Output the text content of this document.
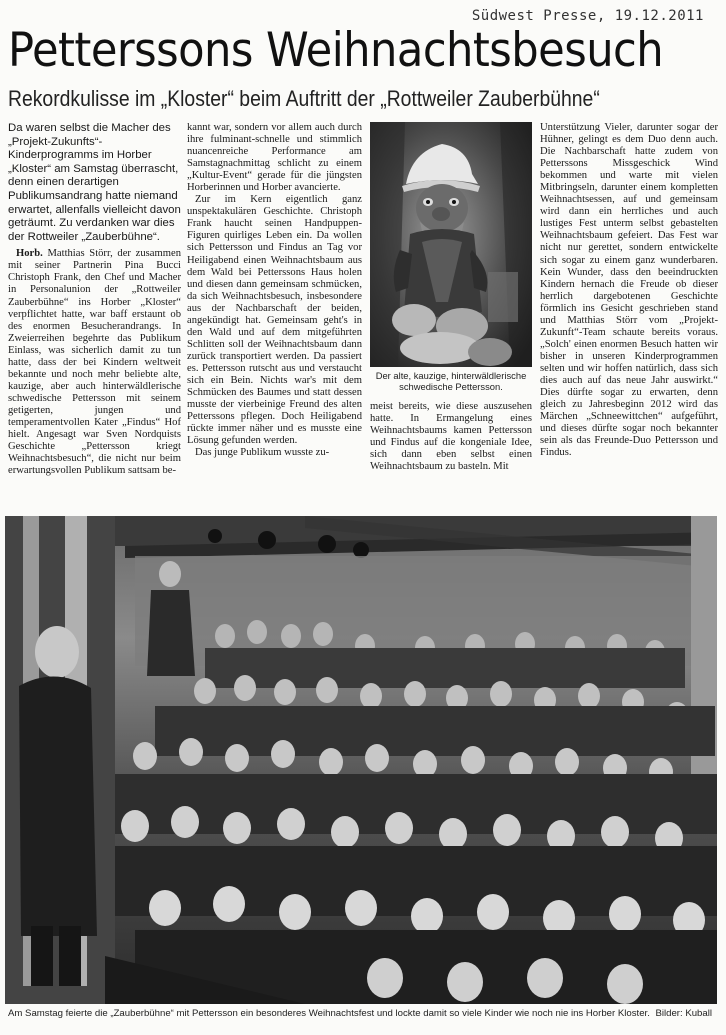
Südwest Presse, 19.12.2011
Petterssons Weihnachtsbesuch
Rekordkulisse im „Kloster“ beim Auftritt der „Rottweiler Zauberbühne“

Da waren selbst die Macher des „Projekt-Zukunfts“- Kinderprogramms im Horber „Kloster“ am Samstag überrascht, denn einen derartigen Publikumsandrang hatte niemand erwartet, allenfalls vielleicht davon geträumt. Zu verdanken war dies der Rottweiler „Zauberbühne“.

Horb. Matthias Störr, der zusammen mit seiner Partnerin Pina Bucci Christoph Frank, den Chef und Macher in Personalunion der „Rottweiler Zauberbühne“ ins Horber „Kloster“ verpflichtet hatte, war baff erstaunt ob des enormen Besucherandrangs. In Zweierreihen begehrte das Publikum Einlass, was sicherlich damit zu tun hatte, dass der bei Kindern weltweit bekannte und noch mehr beliebte alte, kauzige, aber auch hinterwäldlerische schwedische Pettersson mit seinem getigerten, jungen und temperamentvollen Kater „Findus“ Hof hielt. Angesagt war Sven Nordquists Geschichte „Pettersson kriegt Weihnachtsbesuch“, die nicht nur beim erwartungsvollen Publikum sattsam be-

kannt war, sondern vor allem auch durch ihre fulminant-schnelle und stimmlich nuancenreiche Performance am Samstagnachmittag schlicht zu einem „Kultur-Event“ gerade für die jüngsten Horberinnen und Horber avancierte.

Zur im Kern eigentlich ganz unspektakulären Geschichte. Christoph Frank haucht seinen Handpuppen-Figuren quirliges Leben ein. Da wollen sich Pettersson und Findus an Tag vor Heiligabend einen Weihnachtsbaum aus dem Wald bei Petterssons Haus holen und diesen dann gemeinsam schmücken, da sich Weihnachtsbesuch, insbesondere aus der Nachbarschaft der beiden, angekündigt hat. Gemeinsam geht's in den Wald und auf dem mitgeführten Schlitten soll der Weihnachtsbaum dann zurück transportiert werden. Da passiert es. Pettersson rutscht aus und verstaucht sich ein Bein. Nichts war's mit dem Schmücken des Baumes und statt dessen musste der vierbeinige Freund des alten Petterssons pflegen. Doch Heiligabend rückte immer näher und es musste eine Lösung gefunden werden.

Das junge Publikum wusste zu-

Der alte, kauzige, hinterwäldlerische schwedische Pettersson.

meist bereits, wie diese auszusehen hatte. In Ermangelung eines Weihnachtsbaums kamen Pettersson und Findus auf die kongeniale Idee, sich dann eben selbst einen Weihnachtsbaum zu basteln. Mit

Unterstützung Vieler, darunter sogar der Hühner, gelingt es dem Duo denn auch. Die Nachbarschaft hatte zudem von Petterssons Missgeschick Wind bekommen und warte mit vielen Mitbringseln, darunter einem kompletten Weihnachtsessen, auf und gemeinsam wird dann ein herrliches und auch lustiges Fest unterm selbst gebastelten Weihnachtsbaum gefeiert. Das Fest war nicht nur gerettet, sondern entwickelte sich sogar zu einem ganz wunderbaren. Kein Wunder, dass den beeindruckten Kindern hernach die Freude ob dieser herrlich dargebotenen Geschichte förmlich ins Gesicht geschrieben stand und Matthias Störr vom „Projekt-Zukunft“-Team schaute bereits voraus. „Solch' einen enormen Besuch hatten wir bisher in unseren Kinderprogrammen selten und wir hoffen natürlich, dass sich dies auch auf das neue Jahr auswirkt.“ Dies dürfte sogar zu erwarten, denn gleich zu Jahresbeginn 2012 wird das Märchen „Schneewittchen“ aufgeführt, und dieses dürfte sogar noch bekannter sein als das Freunde-Duo Pettersson und Findus.

Am Samstag feierte die „Zauberbühne“ mit Pettersson ein besonderes Weihnachtsfest und lockte damit so viele Kinder wie noch nie ins Horber Kloster. Bilder: Kuball
